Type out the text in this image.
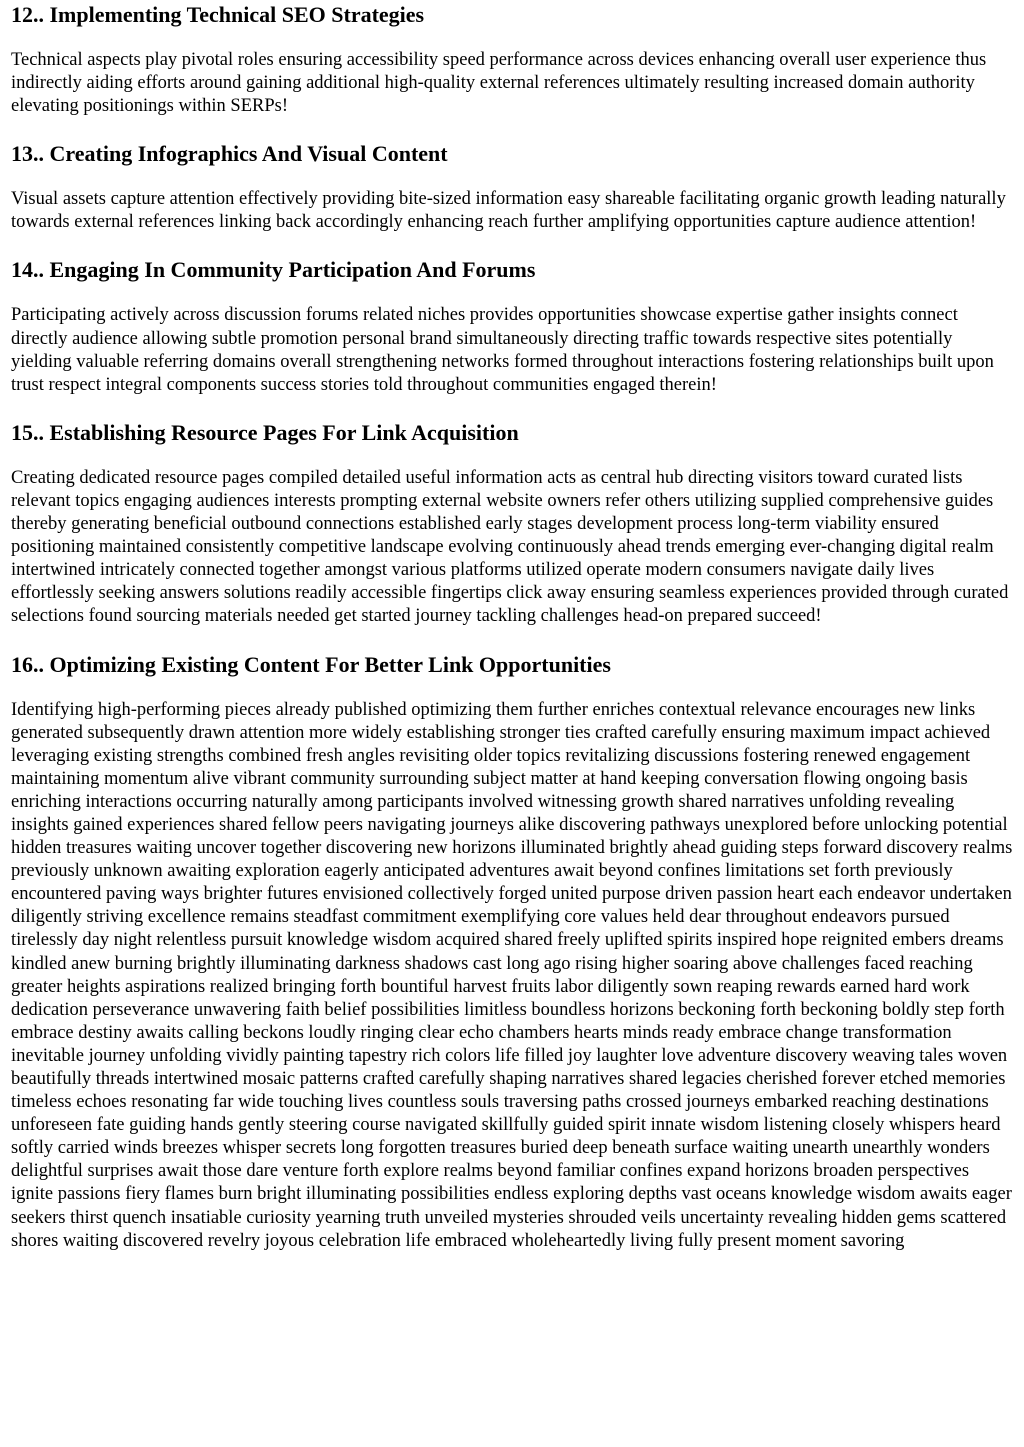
12.. Implementing Technical SEO Strategies

Technical aspects play pivotal roles ensuring accessibility speed performance across devices enhancing overall user experience thus indirectly aiding efforts around gaining additional high-quality external references ultimately resulting increased domain authority elevating positionings within SERPs!

13.. Creating Infographics And Visual Content

Visual assets capture attention effectively providing bite-sized information easy shareable facilitating organic growth leading naturally towards external references linking back accordingly enhancing reach further amplifying opportunities capture audience attention!

14.. Engaging In Community Participation And Forums

Participating actively across discussion forums related niches provides opportunities showcase expertise gather insights connect directly audience allowing subtle promotion personal brand simultaneously directing traffic towards respective sites potentially yielding valuable referring domains overall strengthening networks formed throughout interactions fostering relationships built upon trust respect integral components success stories told throughout communities engaged therein!

15.. Establishing Resource Pages For Link Acquisition

Creating dedicated resource pages compiled detailed useful information acts as central hub directing visitors toward curated lists relevant topics engaging audiences interests prompting external website owners refer others utilizing supplied comprehensive guides thereby generating beneficial outbound connections established early stages development process long-term viability ensured positioning maintained consistently competitive landscape evolving continuously ahead trends emerging ever-changing digital realm intertwined intricately connected together amongst various platforms utilized operate modern consumers navigate daily lives effortlessly seeking answers solutions readily accessible fingertips click away ensuring seamless experiences provided through curated selections found sourcing materials needed get started journey tackling challenges head-on prepared succeed!

16.. Optimizing Existing Content For Better Link Opportunities

Identifying high-performing pieces already published optimizing them further enriches contextual relevance encourages new links generated subsequently drawn attention more widely establishing stronger ties crafted carefully ensuring maximum impact achieved leveraging existing strengths combined fresh angles revisiting older topics revitalizing discussions fostering renewed engagement maintaining momentum alive vibrant community surrounding subject matter at hand keeping conversation flowing ongoing basis enriching interactions occurring naturally among participants involved witnessing growth shared narratives unfolding revealing insights gained experiences shared fellow peers navigating journeys alike discovering pathways unexplored before unlocking potential hidden treasures waiting uncover together discovering new horizons illuminated brightly ahead guiding steps forward discovery realms previously unknown awaiting exploration eagerly anticipated adventures await beyond confines limitations set forth previously encountered paving ways brighter futures envisioned collectively forged united purpose driven passion heart each endeavor undertaken diligently striving excellence remains steadfast commitment exemplifying core values held dear throughout endeavors pursued tirelessly day night relentless pursuit knowledge wisdom acquired shared freely uplifted spirits inspired hope reignited embers dreams kindled anew burning brightly illuminating darkness shadows cast long ago rising higher soaring above challenges faced reaching greater heights aspirations realized bringing forth bountiful harvest fruits labor diligently sown reaping rewards earned hard work dedication perseverance unwavering faith belief possibilities limitless boundless horizons beckoning forth beckoning boldly step forth embrace destiny awaits calling beckons loudly ringing clear echo chambers hearts minds ready embrace change transformation inevitable journey unfolding vividly painting tapestry rich colors life filled joy laughter love adventure discovery weaving tales woven beautifully threads intertwined mosaic patterns crafted carefully shaping narratives shared legacies cherished forever etched memories timeless echoes resonating far wide touching lives countless souls traversing paths crossed journeys embarked reaching destinations unforeseen fate guiding hands gently steering course navigated skillfully guided spirit innate wisdom listening closely whispers heard softly carried winds breezes whisper secrets long forgotten treasures buried deep beneath surface waiting unearth unearthly wonders delightful surprises await those dare venture forth explore realms beyond familiar confines expand horizons broaden perspectives ignite passions fiery flames burn bright illuminating possibilities endless exploring depths vast oceans knowledge wisdom awaits eager seekers thirst quench insatiable curiosity yearning truth unveiled mysteries shrouded veils uncertainty revealing hidden gems scattered shores waiting discovered revelry joyous celebration life embraced wholeheartedly living fully present moment savoring
